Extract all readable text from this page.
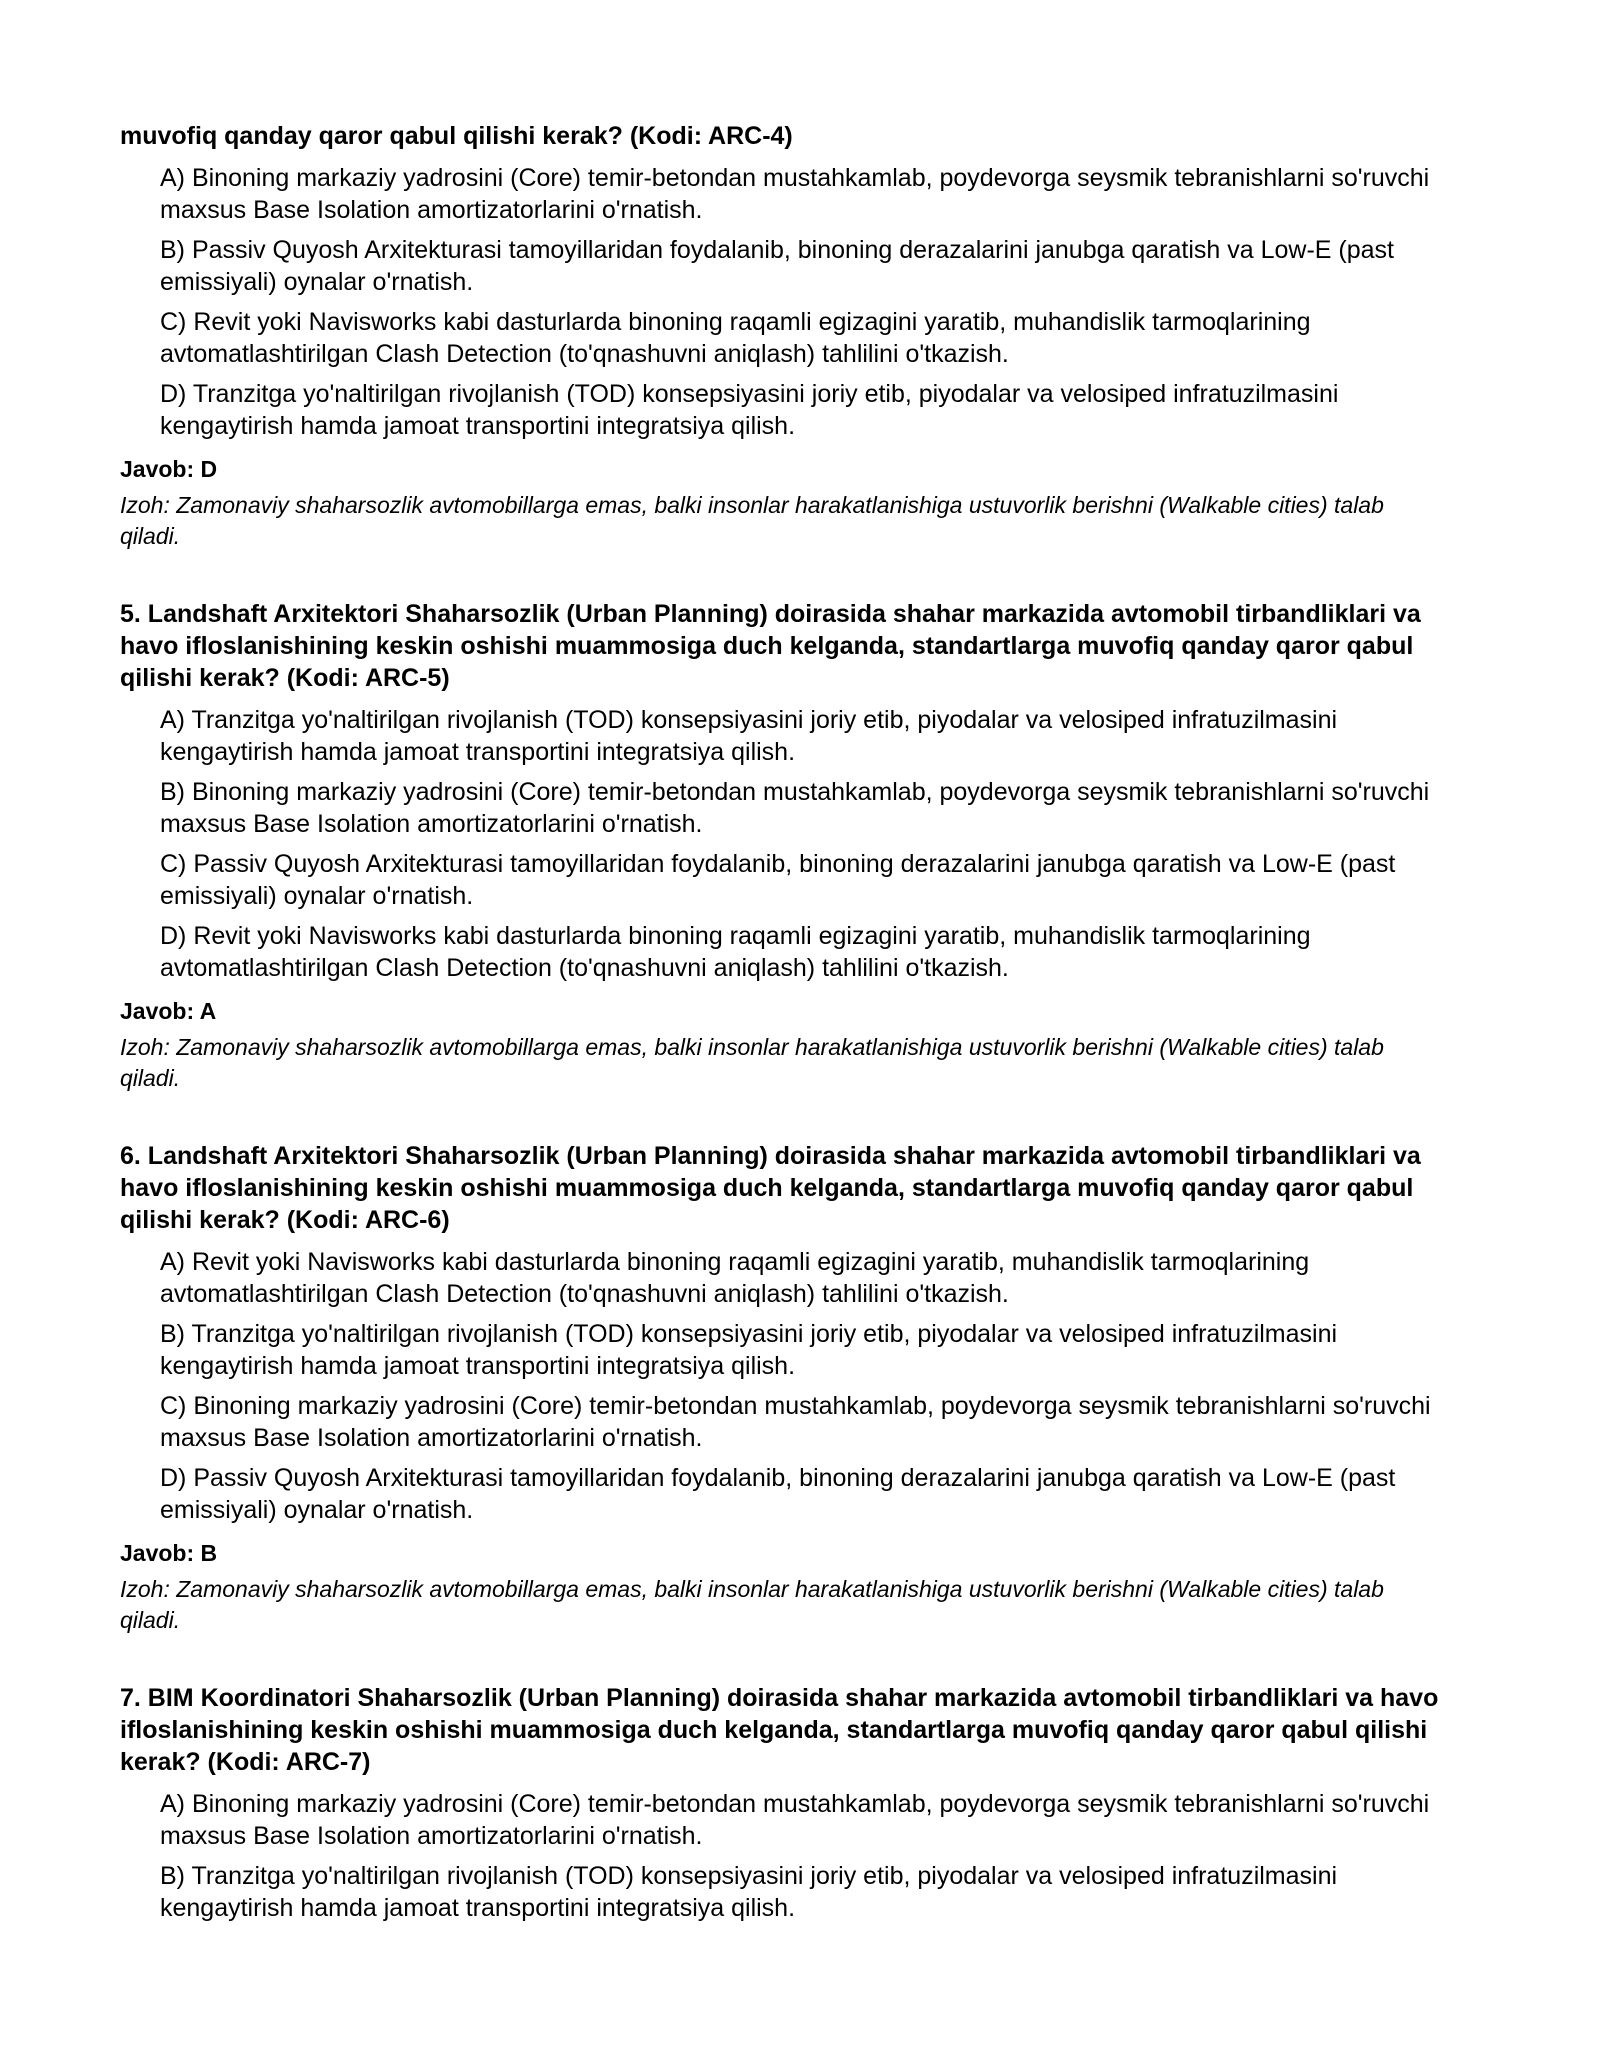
muvofiq qanday qaror qabul qilishi kerak? (Kodi: ARC-4)

A) Binoning markaziy yadrosini (Core) temir-betondan mustahkamlab, poydevorga seysmik tebranishlarni so'ruvchi maxsus Base Isolation amortizatorlarini o'rnatish.
B) Passiv Quyosh Arxitekturasi tamoyillaridan foydalanib, binoning derazalarini janubga qaratish va Low-E (past emissiyali) oynalar o'rnatish.
C) Revit yoki Navisworks kabi dasturlarda binoning raqamli egizagini yaratib, muhandislik tarmoqlarining avtomatlashtirilgan Clash Detection (to'qnashuvni aniqlash) tahlilini o'tkazish.
D) Tranzitga yo'naltirilgan rivojlanish (TOD) konsepsiyasini joriy etib, piyodalar va velosiped infratuzilmasini kengaytirish hamda jamoat transportini integratsiya qilish.

Javob: D

Izoh: Zamonaviy shaharsozlik avtomobillarga emas, balki insonlar harakatlanishiga ustuvorlik berishni (Walkable cities) talab qiladi.

5. Landshaft Arxitektori Shaharsozlik (Urban Planning) doirasida shahar markazida avtomobil tirbandliklari va havo ifloslanishining keskin oshishi muammosiga duch kelganda, standartlarga muvofiq qanday qaror qabul qilishi kerak? (Kodi: ARC-5)

A) Tranzitga yo'naltirilgan rivojlanish (TOD) konsepsiyasini joriy etib, piyodalar va velosiped infratuzilmasini kengaytirish hamda jamoat transportini integratsiya qilish.
B) Binoning markaziy yadrosini (Core) temir-betondan mustahkamlab, poydevorga seysmik tebranishlarni so'ruvchi maxsus Base Isolation amortizatorlarini o'rnatish.
C) Passiv Quyosh Arxitekturasi tamoyillaridan foydalanib, binoning derazalarini janubga qaratish va Low-E (past emissiyali) oynalar o'rnatish.
D) Revit yoki Navisworks kabi dasturlarda binoning raqamli egizagini yaratib, muhandislik tarmoqlarining avtomatlashtirilgan Clash Detection (to'qnashuvni aniqlash) tahlilini o'tkazish.

Javob: A

Izoh: Zamonaviy shaharsozlik avtomobillarga emas, balki insonlar harakatlanishiga ustuvorlik berishni (Walkable cities) talab qiladi.

6. Landshaft Arxitektori Shaharsozlik (Urban Planning) doirasida shahar markazida avtomobil tirbandliklari va havo ifloslanishining keskin oshishi muammosiga duch kelganda, standartlarga muvofiq qanday qaror qabul qilishi kerak? (Kodi: ARC-6)

A) Revit yoki Navisworks kabi dasturlarda binoning raqamli egizagini yaratib, muhandislik tarmoqlarining avtomatlashtirilgan Clash Detection (to'qnashuvni aniqlash) tahlilini o'tkazish.
B) Tranzitga yo'naltirilgan rivojlanish (TOD) konsepsiyasini joriy etib, piyodalar va velosiped infratuzilmasini kengaytirish hamda jamoat transportini integratsiya qilish.
C) Binoning markaziy yadrosini (Core) temir-betondan mustahkamlab, poydevorga seysmik tebranishlarni so'ruvchi maxsus Base Isolation amortizatorlarini o'rnatish.
D) Passiv Quyosh Arxitekturasi tamoyillaridan foydalanib, binoning derazalarini janubga qaratish va Low-E (past emissiyali) oynalar o'rnatish.

Javob: B

Izoh: Zamonaviy shaharsozlik avtomobillarga emas, balki insonlar harakatlanishiga ustuvorlik berishni (Walkable cities) talab qiladi.

7. BIM Koordinatori Shaharsozlik (Urban Planning) doirasida shahar markazida avtomobil tirbandliklari va havo ifloslanishining keskin oshishi muammosiga duch kelganda, standartlarga muvofiq qanday qaror qabul qilishi kerak? (Kodi: ARC-7)

A) Binoning markaziy yadrosini (Core) temir-betondan mustahkamlab, poydevorga seysmik tebranishlarni so'ruvchi maxsus Base Isolation amortizatorlarini o'rnatish.
B) Tranzitga yo'naltirilgan rivojlanish (TOD) konsepsiyasini joriy etib, piyodalar va velosiped infratuzilmasini kengaytirish hamda jamoat transportini integratsiya qilish.
